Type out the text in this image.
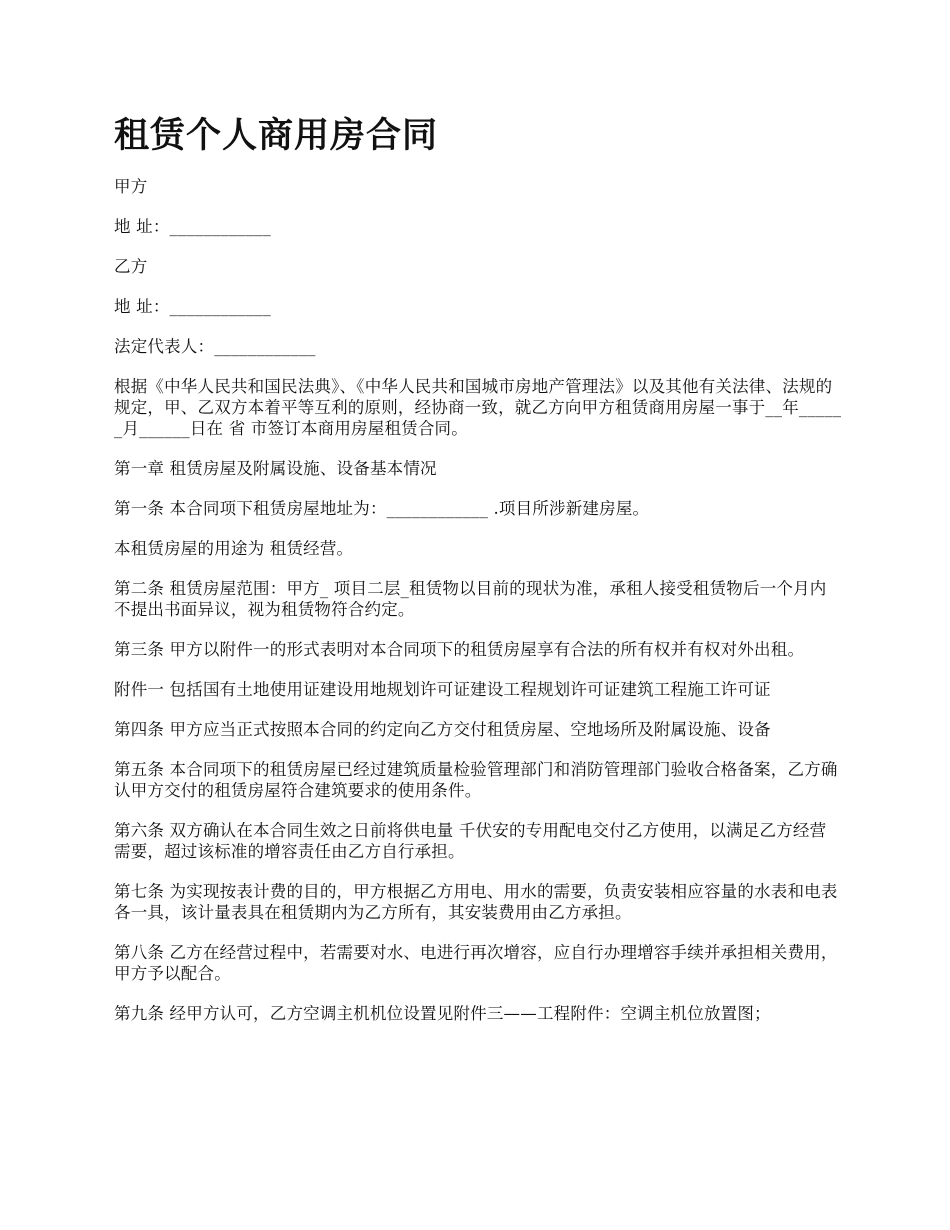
租赁个人商用房合同

甲方

地 址：____________

乙方

地 址：____________

法定代表人：____________

根据《中华人民共和国民法典》、《中华人民共和国城市房地产管理法》以及其他有关法律、法规的规定，甲、乙双方本着平等互利的原则，经协商一致，就乙方向甲方租赁商用房屋一事于__年______月______日在 省 市签订本商用房屋租赁合同。

第一章 租赁房屋及附属设施、设备基本情况

第一条 本合同项下租赁房屋地址为：____________ .项目所涉新建房屋。

本租赁房屋的用途为 租赁经营。

第二条 租赁房屋范围：甲方_ 项目二层_租赁物以目前的现状为准，承租人接受租赁物后一个月内不提出书面异议，视为租赁物符合约定。

第三条 甲方以附件一的形式表明对本合同项下的租赁房屋享有合法的所有权并有权对外出租。

附件一 包括国有土地使用证建设用地规划许可证建设工程规划许可证建筑工程施工许可证

第四条 甲方应当正式按照本合同的约定向乙方交付租赁房屋、空地场所及附属设施、设备

第五条 本合同项下的租赁房屋已经过建筑质量检验管理部门和消防管理部门验收合格备案，乙方确认甲方交付的租赁房屋符合建筑要求的使用条件。

第六条 双方确认在本合同生效之日前将供电量 千伏安的专用配电交付乙方使用，以满足乙方经营需要，超过该标准的增容责任由乙方自行承担。

第七条 为实现按表计费的目的，甲方根据乙方用电、用水的需要，负责安装相应容量的水表和电表各一具，该计量表具在租赁期内为乙方所有，其安装费用由乙方承担。

第八条 乙方在经营过程中，若需要对水、电进行再次增容，应自行办理增容手续并承担相关费用，甲方予以配合。

第九条 经甲方认可，乙方空调主机机位设置见附件三——工程附件：空调主机位放置图；
